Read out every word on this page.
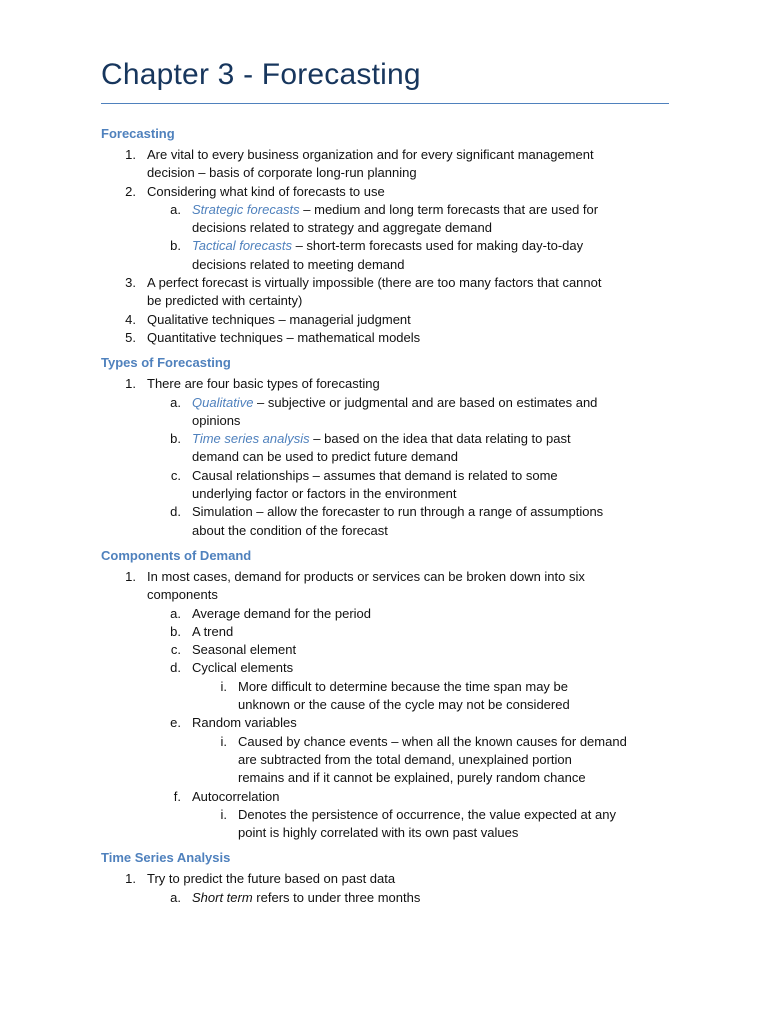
Chapter 3 - Forecasting
Forecasting
1. Are vital to every business organization and for every significant management
decision – basis of corporate long-run planning
2. Considering what kind of forecasts to use
a. Strategic forecasts – medium and long term forecasts that are used for
decisions related to strategy and aggregate demand
b. Tactical forecasts – short-term forecasts used for making day-to-day
decisions related to meeting demand
3. A perfect forecast is virtually impossible (there are too many factors that cannot
be predicted with certainty)
4. Qualitative techniques – managerial judgment
5. Quantitative techniques – mathematical models
Types of Forecasting
1. There are four basic types of forecasting
a. Qualitative – subjective or judgmental and are based on estimates and
opinions
b. Time series analysis – based on the idea that data relating to past
demand can be used to predict future demand
c. Causal relationships – assumes that demand is related to some
underlying factor or factors in the environment
d. Simulation – allow the forecaster to run through a range of assumptions
about the condition of the forecast
Components of Demand
1. In most cases, demand for products or services can be broken down into six
components
a. Average demand for the period
b. A trend
c. Seasonal element
d. Cyclical elements
i. More difficult to determine because the time span may be
unknown or the cause of the cycle may not be considered
e. Random variables
i. Caused by chance events – when all the known causes for demand
are subtracted from the total demand, unexplained portion
remains and if it cannot be explained, purely random chance
f. Autocorrelation
i. Denotes the persistence of occurrence, the value expected at any
point is highly correlated with its own past values
Time Series Analysis
1. Try to predict the future based on past data
a. Short term refers to under three months
